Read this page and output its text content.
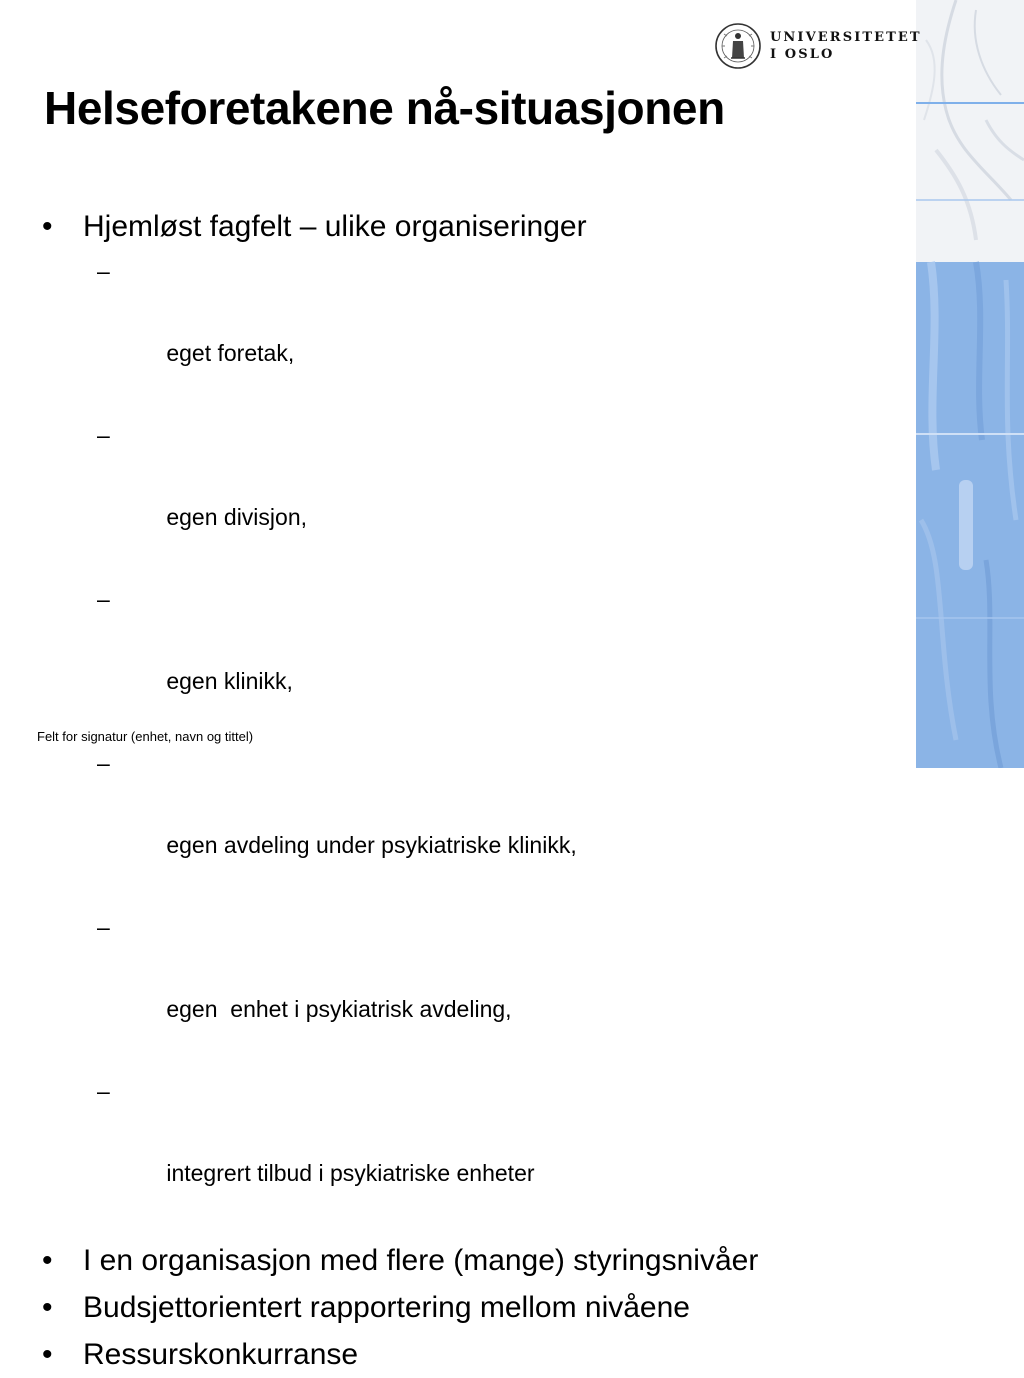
UNIVERSITETET
I OSLO
Helseforetakene nå-situasjonen
• Hjemløst fagfelt – ulike organiseringer

–

eget foretak,

–

egen divisjon,

–

egen klinikk,

–

egen avdeling under psykiatriske klinikk,

–

egen  enhet i psykiatrisk avdeling,

–

integrert tilbud i psykiatriske enheter

• I en organisasjon med flere (mange) styringsnivåer
• Budsjettorientert rapportering mellom nivåene
• Ressurskonkurranse
Felt for signatur (enhet, navn og tittel)
